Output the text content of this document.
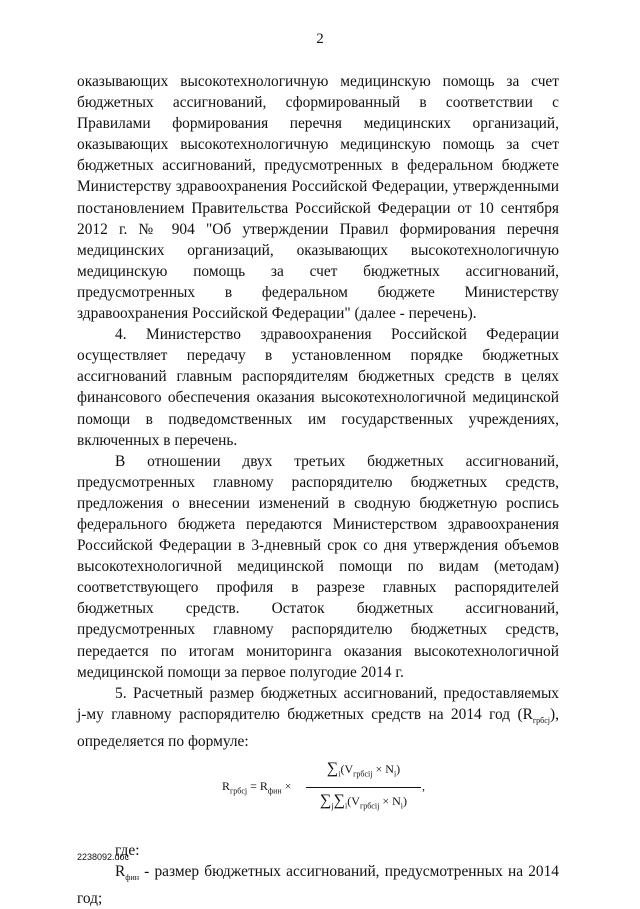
2

оказывающих высокотехнологичную медицинскую помощь за счет бюджетных ассигнований, сформированный в соответствии с Правилами формирования перечня медицинских организаций, оказывающих высокотехнологичную медицинскую помощь за счет бюджетных ассигнований, предусмотренных в федеральном бюджете Министерству здравоохранения Российской Федерации, утвержденными постановлением Правительства Российской Федерации от 10 сентября 2012 г. № 904 "Об утверждении Правил формирования перечня медицинских организаций, оказывающих высокотехнологичную медицинскую помощь за счет бюджетных ассигнований, предусмотренных в федеральном бюджете Министерству здравоохранения Российской Федерации" (далее - перечень).

4. Министерство здравоохранения Российской Федерации осуществляет передачу в установленном порядке бюджетных ассигнований главным распорядителям бюджетных средств в целях финансового обеспечения оказания высокотехнологичной медицинской помощи в подведомственных им государственных учреждениях, включенных в перечень.

В отношении двух третьих бюджетных ассигнований, предусмотренных главному распорядителю бюджетных средств, предложения о внесении изменений в сводную бюджетную роспись федерального бюджета передаются Министерством здравоохранения Российской Федерации в 3-дневный срок со дня утверждения объемов высокотехнологичной медицинской помощи по видам (методам) соответствующего профиля в разрезе главных распорядителей бюджетных средств. Остаток бюджетных ассигнований, предусмотренных главному распорядителю бюджетных средств, передается по итогам мониторинга оказания высокотехнологичной медицинской помощи за первое полугодие 2014 г.

5. Расчетный размер бюджетных ассигнований, предоставляемых j-му главному распорядителю бюджетных средств на 2014 год $(R_{грбсj})$, определяется по формуле:

$R_{грбсj} = R_{фин}$ ×
$\sum_i(V_{грбсij} \times N_i)$
$\sum_j\sum_i(V_{грбсij} \times N_i)$
,

где:

$R_{фин}$ - размер бюджетных ассигнований, предусмотренных на 2014 год;

2238092.doc
